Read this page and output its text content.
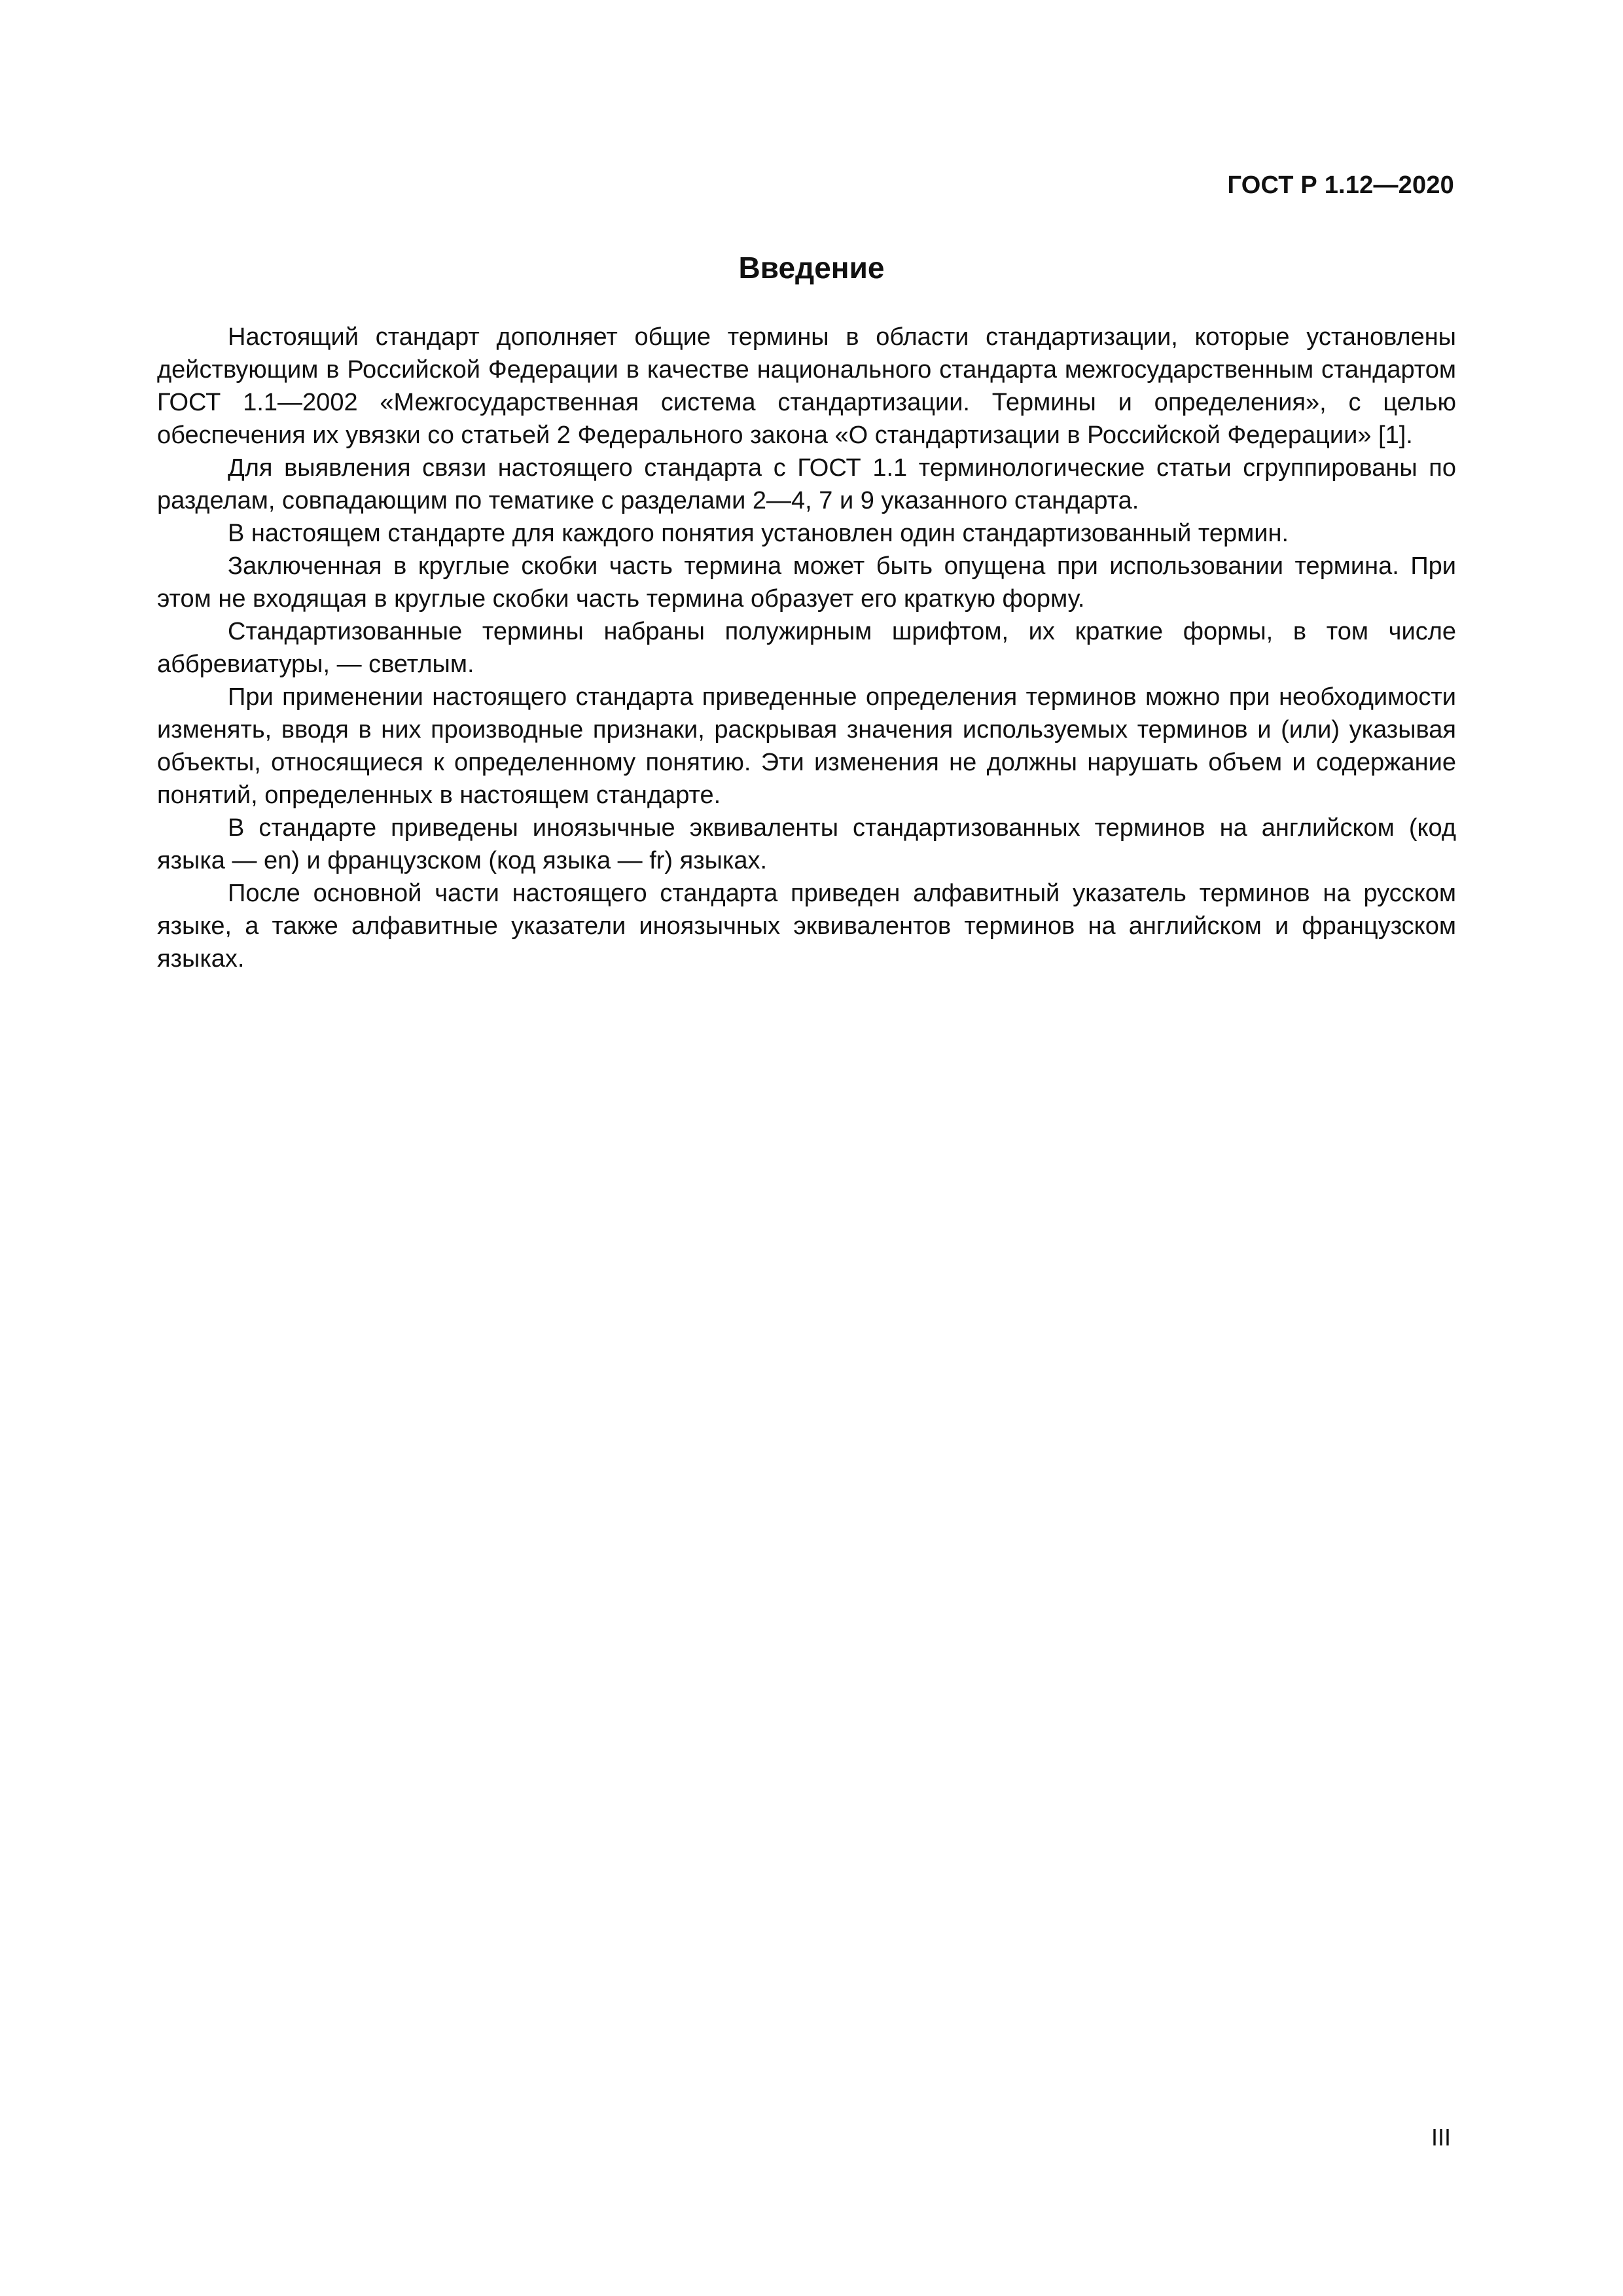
ГОСТ Р 1.12—2020
Введение

Настоящий стандарт дополняет общие термины в области стандартизации, которые установлены действующим в Российской Федерации в качестве национального стандарта межгосударственным стандартом ГОСТ 1.1—2002 «Межгосударственная система стандартизации. Термины и определения», с целью обеспечения их увязки со статьей 2 Федерального закона «О стандартизации в Российской Федерации» [1].

Для выявления связи настоящего стандарта с ГОСТ 1.1 терминологические статьи сгруппированы по разделам, совпадающим по тематике с разделами 2—4, 7 и 9 указанного стандарта.

В настоящем стандарте для каждого понятия установлен один стандартизованный термин.

Заключенная в круглые скобки часть термина может быть опущена при использовании термина. При этом не входящая в круглые скобки часть термина образует его краткую форму.

Стандартизованные термины набраны полужирным шрифтом, их краткие формы, в том числе аббревиатуры, — светлым.

При применении настоящего стандарта приведенные определения терминов можно при необходимости изменять, вводя в них производные признаки, раскрывая значения используемых терминов и (или) указывая объекты, относящиеся к определенному понятию. Эти изменения не должны нарушать объем и содержание понятий, определенных в настоящем стандарте.

В стандарте приведены иноязычные эквиваленты стандартизованных терминов на английском (код языка — en) и французском (код языка — fr) языках.

После основной части настоящего стандарта приведен алфавитный указатель терминов на русском языке, а также алфавитные указатели иноязычных эквивалентов терминов на английском и французском языках.

III
